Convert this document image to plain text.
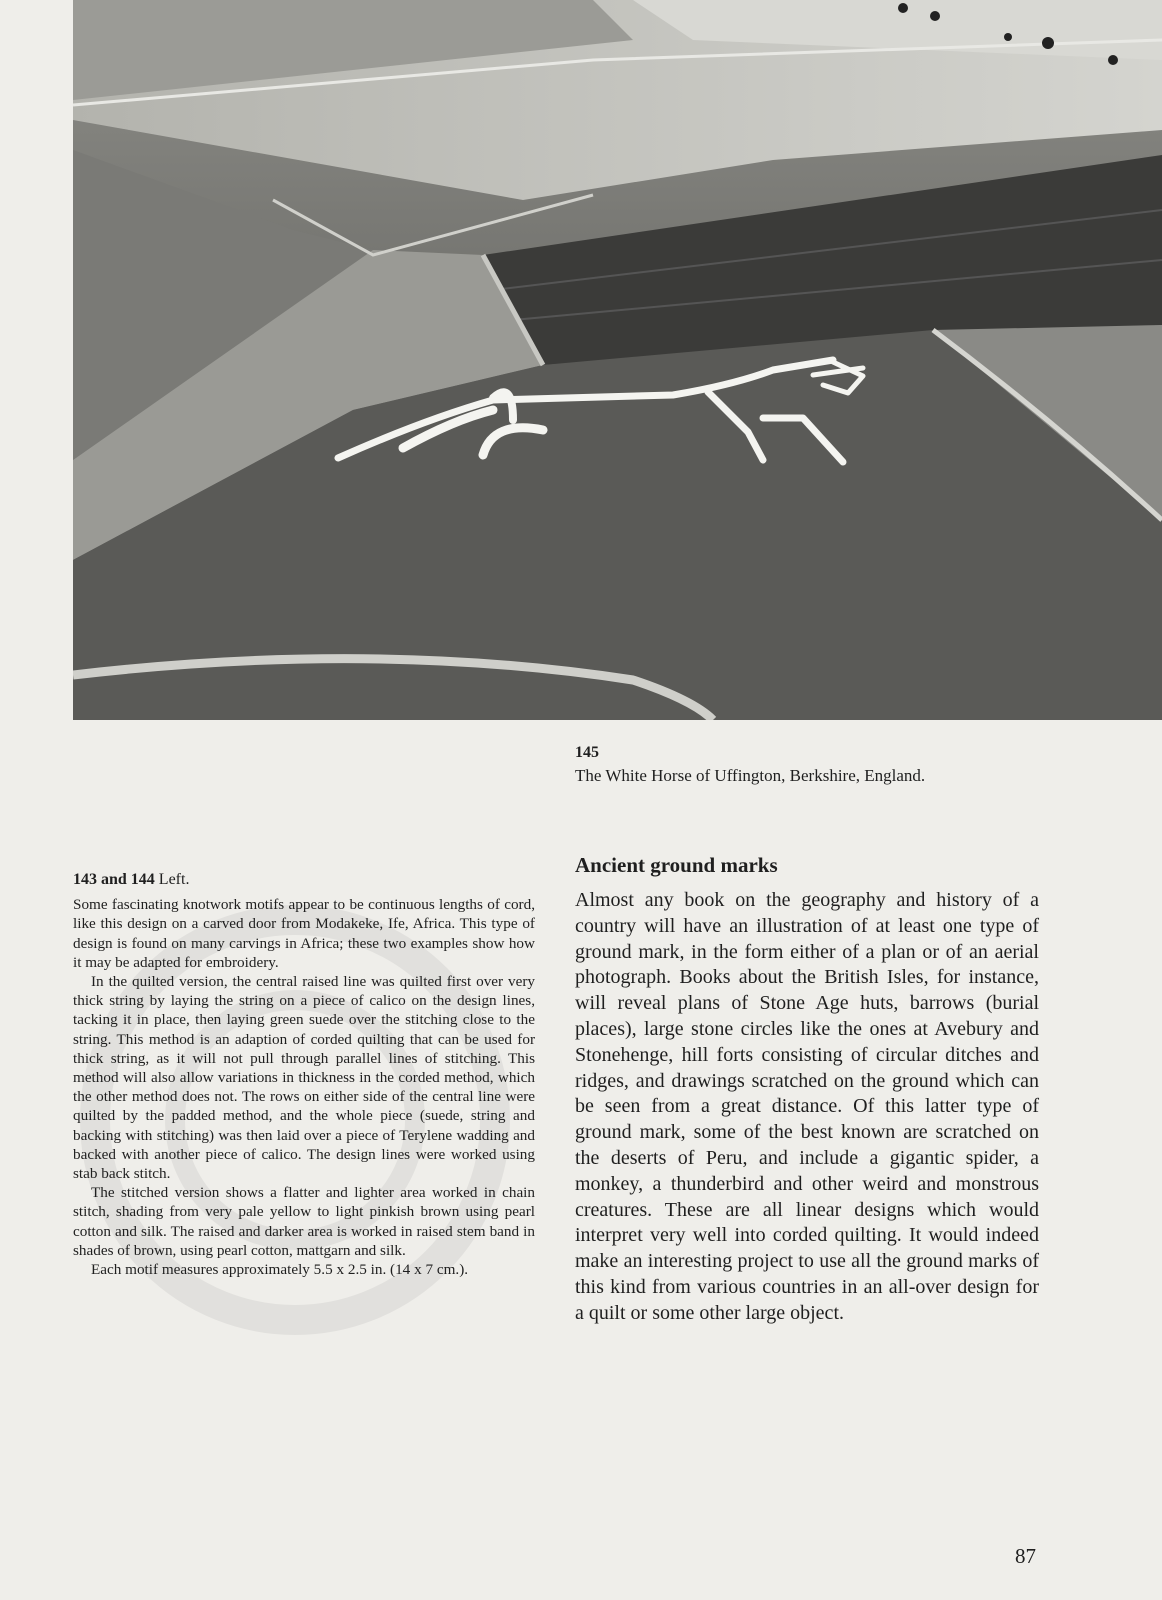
145
The White Horse of Uffington, Berkshire, England.
143 and 144 Left.

Some fascinating knotwork motifs appear to be continuous lengths of cord, like this design on a carved door from Modakeke, Ife, Africa. This type of design is found on many carvings in Africa; these two examples show how it may be adapted for embroidery.

In the quilted version, the central raised line was quilted first over very thick string by laying the string on a piece of calico on the design lines, tacking it in place, then laying green suede over the stitching close to the string. This method is an adaption of corded quilting that can be used for thick string, as it will not pull through parallel lines of stitching. This method will also allow variations in thickness in the corded method, which the other method does not. The rows on either side of the central line were quilted by the padded method, and the whole piece (suede, string and backing with stitching) was then laid over a piece of Terylene wadding and backed with another piece of calico. The design lines were worked using stab back stitch.

The stitched version shows a flatter and lighter area worked in chain stitch, shading from very pale yellow to light pinkish brown using pearl cotton and silk. The raised and darker area is worked in raised stem band in shades of brown, using pearl cotton, mattgarn and silk.

Each motif measures approximately 5.5 x 2.5 in. (14 x 7 cm.).

Ancient ground marks

Almost any book on the geography and history of a country will have an illustration of at least one type of ground mark, in the form either of a plan or of an aerial photograph. Books about the British Isles, for instance, will reveal plans of Stone Age huts, barrows (burial places), large stone circles like the ones at Avebury and Stonehenge, hill forts consisting of circular ditches and ridges, and drawings scratched on the ground which can be seen from a great distance. Of this latter type of ground mark, some of the best known are scratched on the deserts of Peru, and include a gigantic spider, a monkey, a thunderbird and other weird and monstrous creatures. These are all linear designs which would interpret very well into corded quilting. It would indeed make an interesting project to use all the ground marks of this kind from various countries in an all-over design for a quilt or some other large object.

87
